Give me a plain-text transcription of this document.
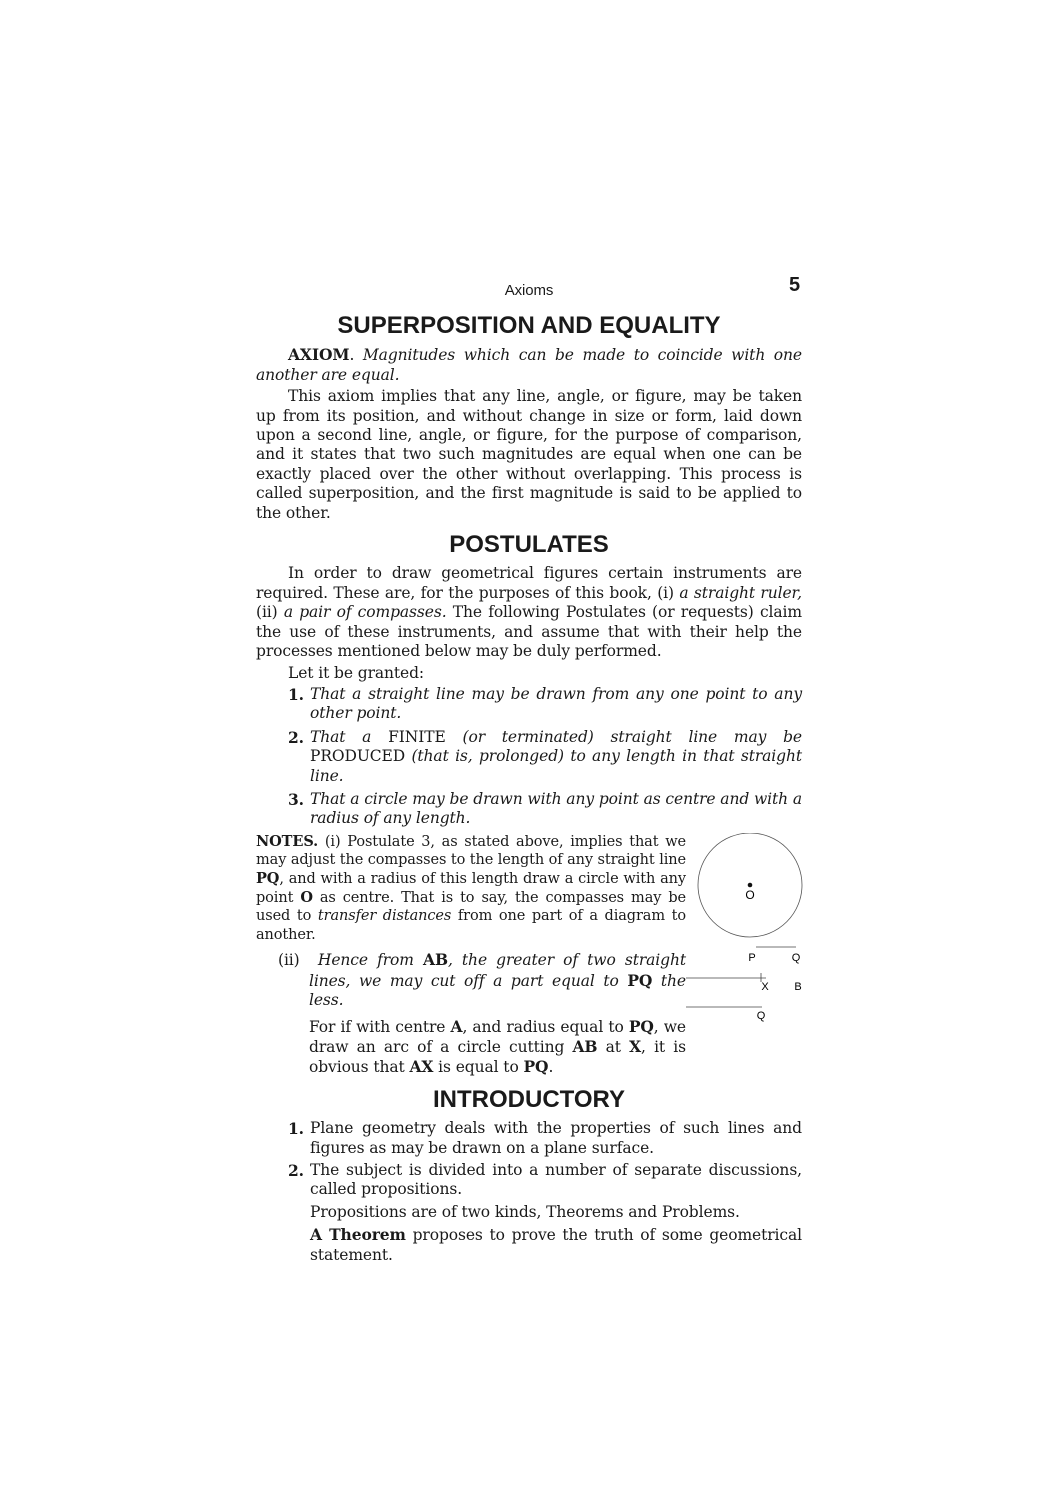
Axioms	5
SUPERPOSITION AND EQUALITY

AXIOM. Magnitudes which can be made to coincide with one another are equal.

This axiom implies that any line, angle, or figure, may be taken up from its position, and without change in size or form, laid down upon a second line, angle, or figure, for the purpose of comparison, and it states that two such magnitudes are equal when one can be exactly placed over the other without overlapping. This process is called superposition, and the first magnitude is said to be applied to the other.

POSTULATES

In order to draw geometrical figures certain instruments are required. These are, for the purposes of this book, (i) a straight ruler, (ii) a pair of compasses. The following Postulates (or requests) claim the use of these instruments, and assume that with their help the processes mentioned below may be duly performed.

Let it be granted:

1. That a straight line may be drawn from any one point to any other point.
2. That a FINITE (or terminated) straight line may be PRODUCED (that is, prolonged) to any length in that straight line.
3. That a circle may be drawn with any point as centre and with a radius of any length.

NOTES. (i) Postulate 3, as stated above, implies that we may adjust the compasses to the length of any straight line PQ, and with a radius of this length draw a circle with any point O as centre. That is to say, the compasses may be used to transfer distances from one part of a diagram to another.

(ii) Hence from AB, the greater of two straight lines, we may cut off a part equal to PQ the less.

For if with centre A, and radius equal to PQ, we draw an arc of a circle cutting AB at X, it is obvious that AX is equal to PQ.

O
P	Q
X B
Q
INTRODUCTORY
1. Plane geometry deals with the properties of such lines and figures as may be drawn on a plane surface.
2. The subject is divided into a number of separate discussions, called propositions.

Propositions are of two kinds, Theorems and Problems.

A Theorem proposes to prove the truth of some geometrical statement.
